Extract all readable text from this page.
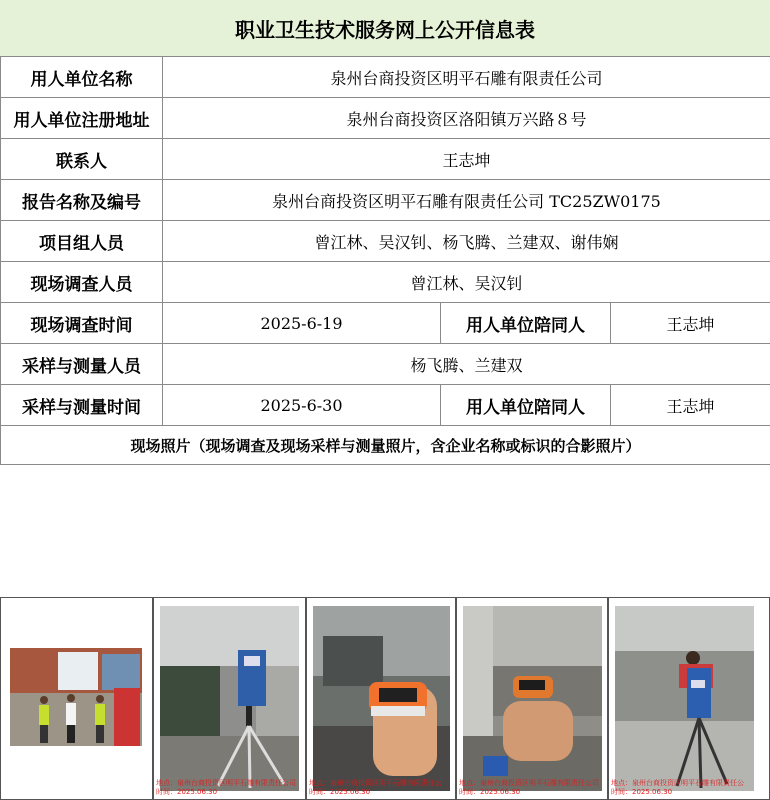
职业卫生技术服务网上公开信息表
用人单位名称	泉州台商投资区明平石雕有限责任公司		
用人单位注册地址	泉州台商投资区洛阳镇万兴路８号		
联系人	王志坤		
报告名称及编号	泉州台商投资区明平石雕有限责任公司 TC25ZW0175		
项目组人员	曾江林、吴汉钊、杨飞腾、兰建双、谢伟娴		
现场调查人员	曾江林、吴汉钊		
现场调查时间	2025-6-19	用人单位陪同人	王志坤
采样与测量人员	杨飞腾、兰建双		
采样与测量时间	2025-6-30	用人单位陪同人	王志坤
现场照片（现场调查及现场采样与测量照片，含企业名称或标识的合影照片）			
地点：泉州台商投资区明平石雕有限责任公司
时间：2025.06.30
地点：泉州台商投资区明平石雕有限责任公
时间：2025.06.30
地点：泉州台商投资区明平石雕有限责任公司
时间：2025.06.30
地点：泉州台商投资区明平石雕有限责任公
时间：2025.06.30
